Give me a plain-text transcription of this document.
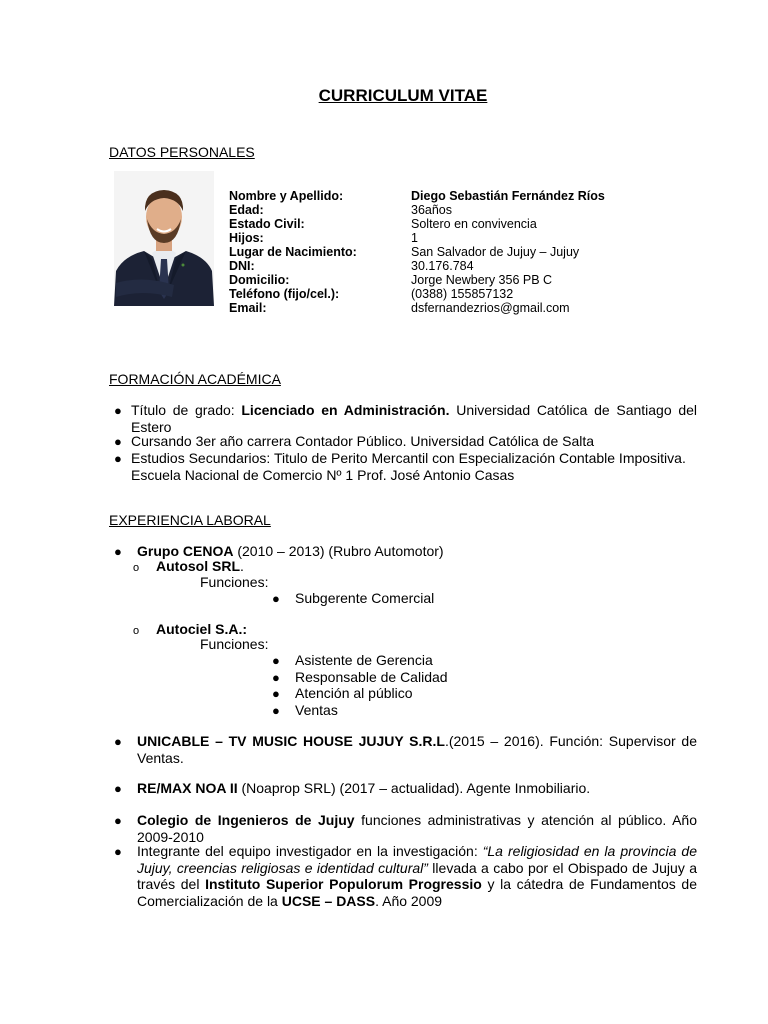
CURRICULUM VITAE
DATOS PERSONALES
Nombre y Apellido:	Diego Sebastián Fernández Ríos
Edad:	36años
Estado Civil:	Soltero en convivencia
Hijos:	1
Lugar de Nacimiento:	San Salvador de Jujuy – Jujuy
DNI:	30.176.784
Domicilio:	Jorge Newbery 356 PB C
Teléfono (fijo/cel.):	(0388) 155857132
Email:	dsfernandezrios@gmail.com
FORMACIÓN ACADÉMICA
● Título de grado: Licenciado en Administración. Universidad Católica de Santiago del Estero
● Cursando 3er año carrera Contador Público. Universidad Católica de Salta
● Estudios Secundarios: Titulo de Perito Mercantil con Especialización Contable Impositiva. Escuela Nacional de Comercio Nº 1 Prof. José Antonio Casas
EXPERIENCIA LABORAL
● Grupo CENOA (2010 – 2013) (Rubro Automotor)
o Autosol SRL.
Funciones:
● Subgerente Comercial
o Autociel S.A.:
Funciones:
● Asistente de Gerencia
● Responsable de Calidad
● Atención al público
● Ventas
● UNICABLE – TV MUSIC HOUSE JUJUY S.R.L.(2015 – 2016). Función: Supervisor de Ventas.
● RE/MAX NOA II (Noaprop SRL) (2017 – actualidad). Agente Inmobiliario.
● Colegio de Ingenieros de Jujuy funciones administrativas y atención al público. Año 2009-2010
● Integrante del equipo investigador en la investigación: “La religiosidad en la provincia de Jujuy, creencias religiosas e identidad cultural” llevada a cabo por el Obispado de Jujuy a través del Instituto Superior Populorum Progressio y la cátedra de Fundamentos de Comercialización de la UCSE – DASS. Año 2009
